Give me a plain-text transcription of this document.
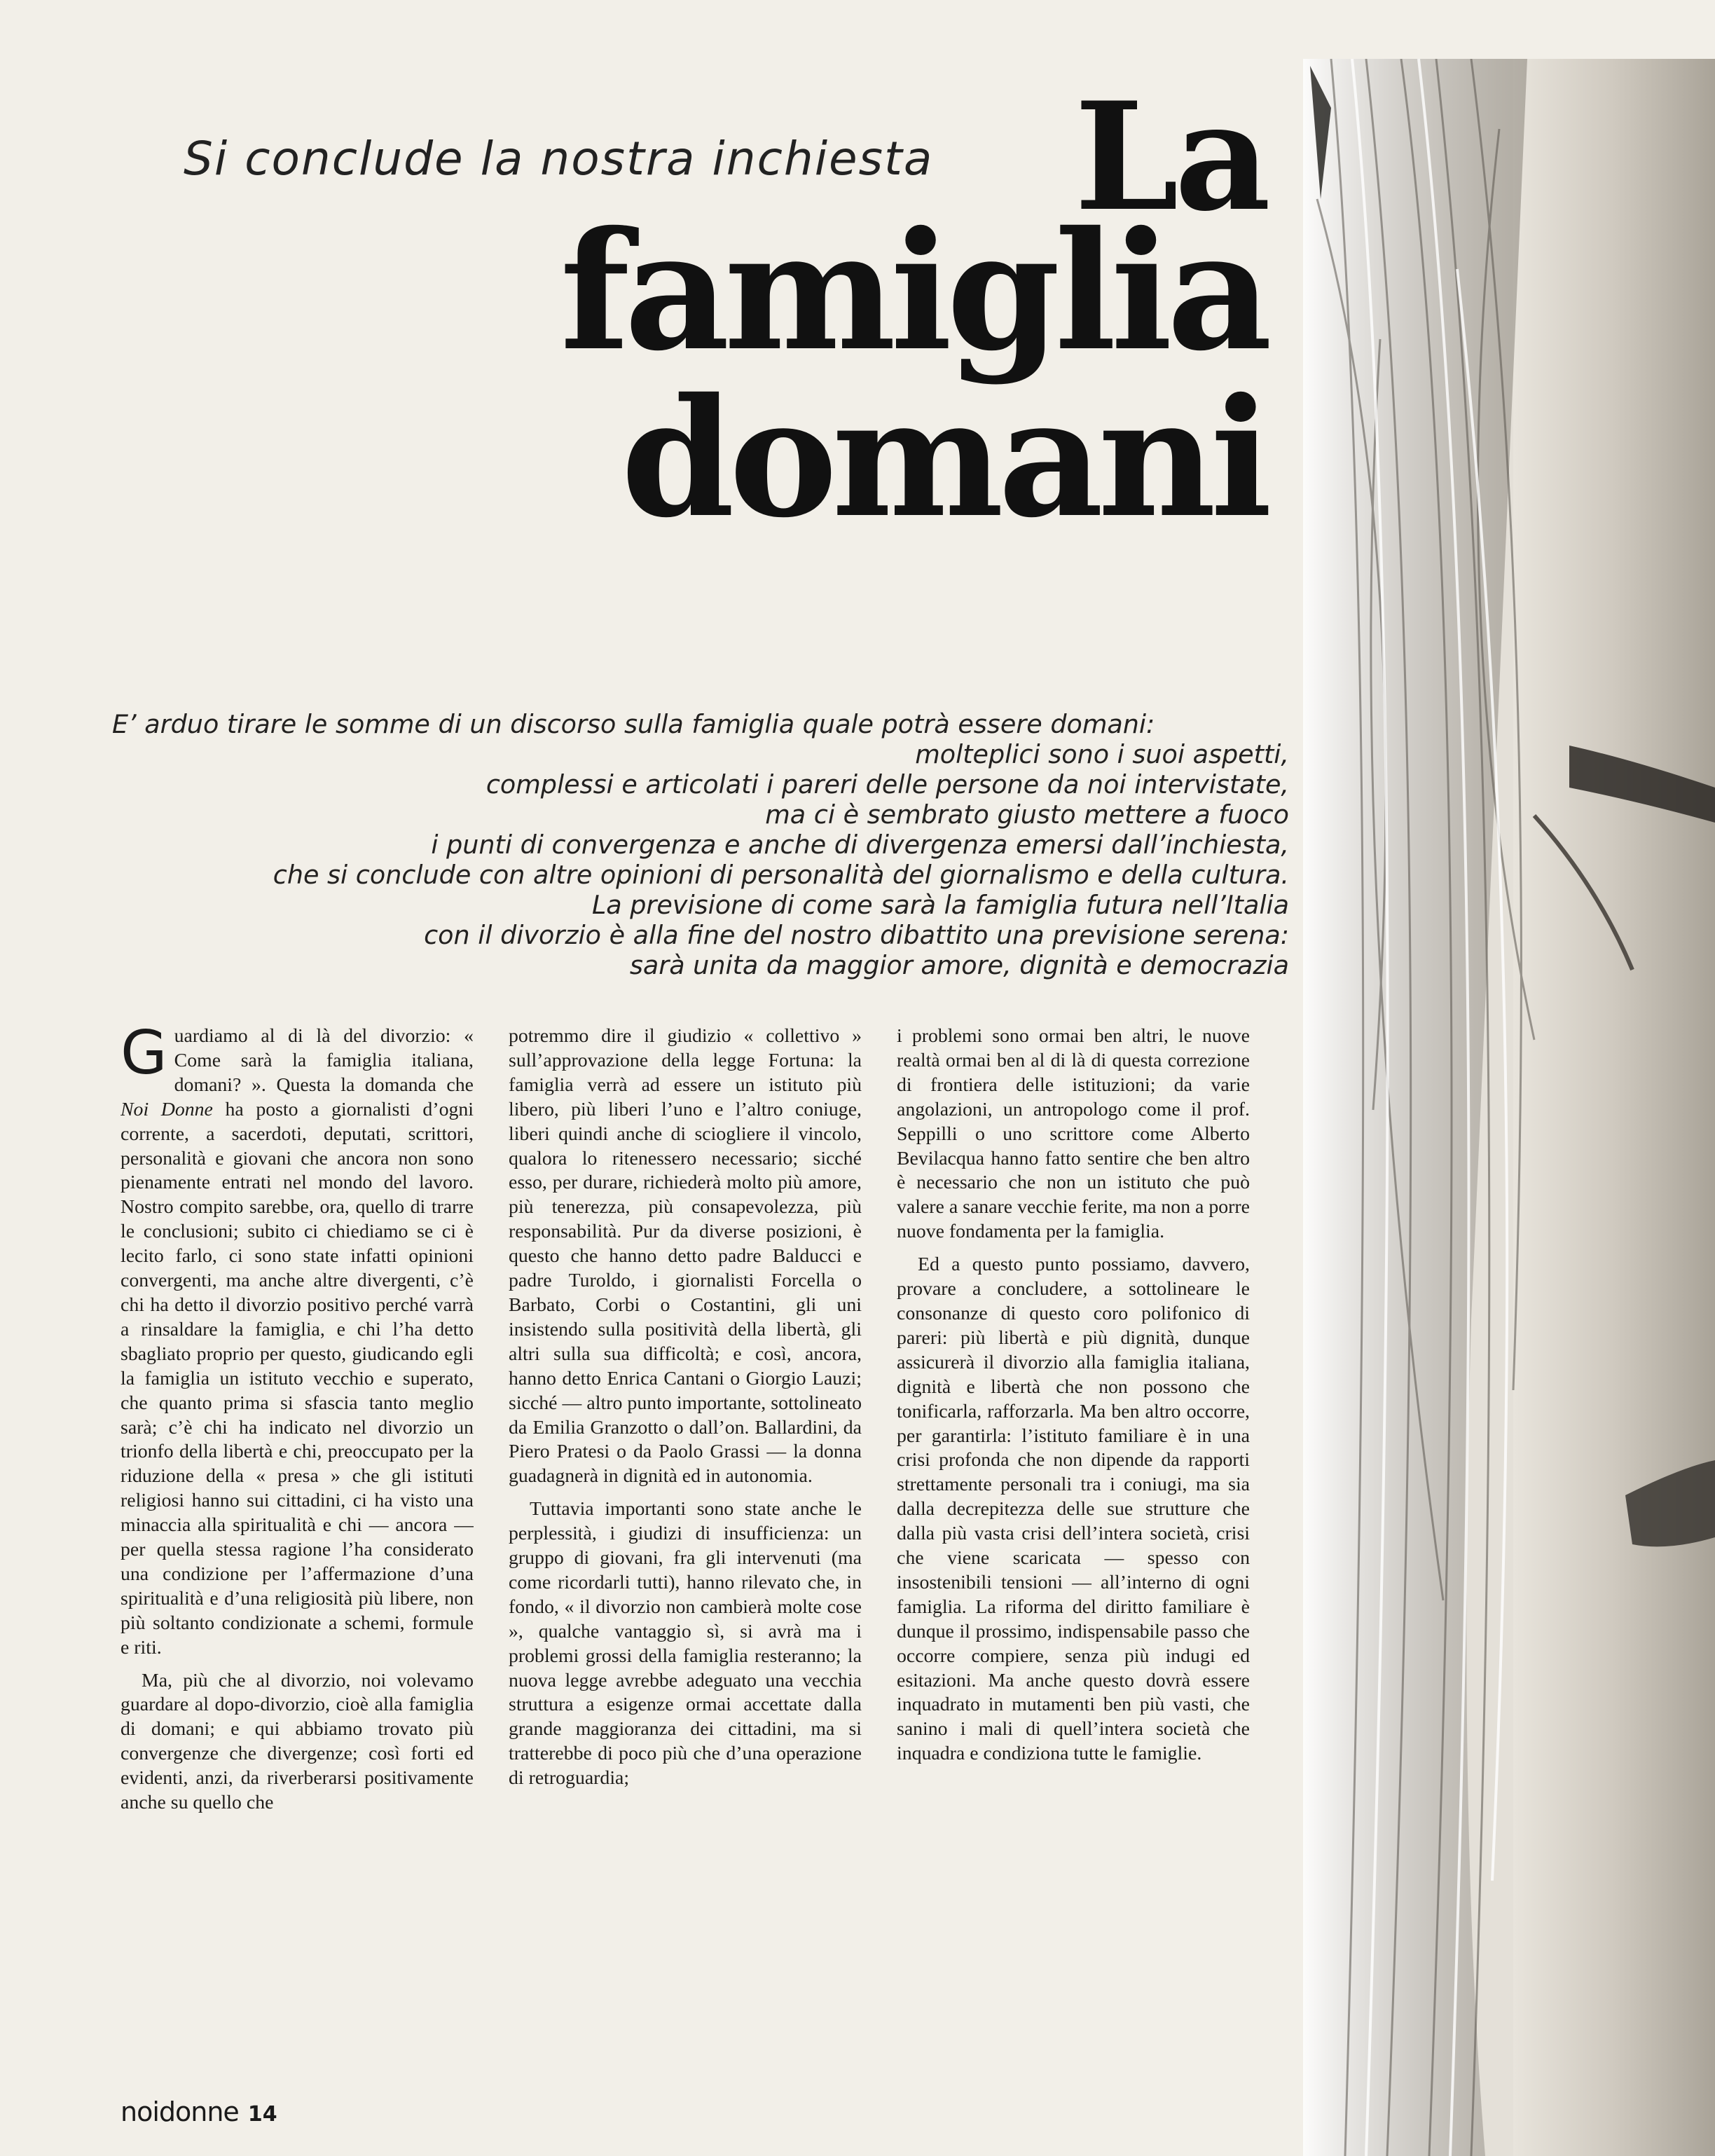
Si conclude la nostra inchiesta La
famiglia
domani
E’ arduo tirare le somme di un discorso sulla famiglia quale potrà essere domani:
molteplici sono i suoi aspetti,
complessi e articolati i pareri delle persone da noi intervistate,
ma ci è sembrato giusto mettere a fuoco
i punti di convergenza e anche di divergenza emersi dall’inchiesta,
che si conclude con altre opinioni di personalità del giornalismo e della cultura.
La previsione di come sarà la famiglia futura nell’Italia
con il divorzio è alla fine del nostro dibattito una previsione serena:
sarà unita da maggior amore, dignità e democrazia

Guardiamo al di là del divorzio: « Come sarà la famiglia italiana, domani? ». Questa la domanda che Noi Donne ha posto a giornalisti d’ogni corrente, a sacerdoti, deputati, scrittori, personalità e giovani che ancora non sono pienamente entrati nel mondo del lavoro. Nostro compito sarebbe, ora, quello di trarre le conclusioni; subito ci chiediamo se ci è lecito farlo, ci sono state infatti opinioni convergenti, ma anche altre divergenti, c’è chi ha detto il divorzio positivo perché varrà a rinsaldare la famiglia, e chi l’ha detto sbagliato proprio per questo, giudicando egli la famiglia un istituto vecchio e superato, che quanto prima si sfascia tanto meglio sarà; c’è chi ha indicato nel divorzio un trionfo della libertà e chi, preoccupato per la riduzione della « presa » che gli istituti religiosi hanno sui cittadini, ci ha visto una minaccia alla spiritualità e chi — ancora — per quella stessa ragione l’ha considerato una condizione per l’affermazione d’una spiritualità e d’una religiosità più libere, non più soltanto condizionate a schemi, formule e riti.

Ma, più che al divorzio, noi volevamo guardare al dopo-divorzio, cioè alla famiglia di domani; e qui abbiamo trovato più convergenze che divergenze; così forti ed evidenti, anzi, da riverberarsi positivamente anche su quello che

potremmo dire il giudizio « collettivo » sull’approvazione della legge Fortuna: la famiglia verrà ad essere un istituto più libero, più liberi l’uno e l’altro coniuge, liberi quindi anche di sciogliere il vincolo, qualora lo ritenessero necessario; sicché esso, per durare, richiederà molto più amore, più tenerezza, più consapevolezza, più responsabilità. Pur da diverse posizioni, è questo che hanno detto padre Balducci e padre Turoldo, i giornalisti Forcella o Barbato, Corbi o Costantini, gli uni insistendo sulla positività della libertà, gli altri sulla sua difficoltà; e così, ancora, hanno detto Enrica Cantani o Giorgio Lauzi; sicché — altro punto importante, sottolineato da Emilia Granzotto o dall’on. Ballardini, da Piero Pratesi o da Paolo Grassi — la donna guadagnerà in dignità ed in autonomia.

Tuttavia importanti sono state anche le perplessità, i giudizi di insufficienza: un gruppo di giovani, fra gli intervenuti (ma come ricordarli tutti), hanno rilevato che, in fondo, « il divorzio non cambierà molte cose », qualche vantaggio sì, si avrà ma i problemi grossi della famiglia resteranno; la nuova legge avrebbe adeguato una vecchia struttura a esigenze ormai accettate dalla grande maggioranza dei cittadini, ma si tratterebbe di poco più che d’una operazione di retroguardia;

i problemi sono ormai ben altri, le nuove realtà ormai ben al di là di questa correzione di frontiera delle istituzioni; da varie angolazioni, un antropologo come il prof. Seppilli o uno scrittore come Alberto Bevilacqua hanno fatto sentire che ben altro è necessario che non un istituto che può valere a sanare vecchie ferite, ma non a porre nuove fondamenta per la famiglia.

Ed a questo punto possiamo, davvero, provare a concludere, a sottolineare le consonanze di questo coro polifonico di pareri: più libertà e più dignità, dunque assicurerà il divorzio alla famiglia italiana, dignità e libertà che non possono che tonificarla, rafforzarla. Ma ben altro occorre, per garantirla: l’istituto familiare è in una crisi profonda che non dipende da rapporti strettamente personali tra i coniugi, ma sia dalla decrepitezza delle sue strutture che dalla più vasta crisi dell’intera società, crisi che viene scaricata — spesso con insostenibili tensioni — all’interno di ogni famiglia. La riforma del diritto familiare è dunque il prossimo, indispensabile passo che occorre compiere, senza più indugi ed esitazioni. Ma anche questo dovrà essere inquadrato in mutamenti ben più vasti, che sanino i mali di quell’intera società che inquadra e condiziona tutte le famiglie.

noidonne 14
